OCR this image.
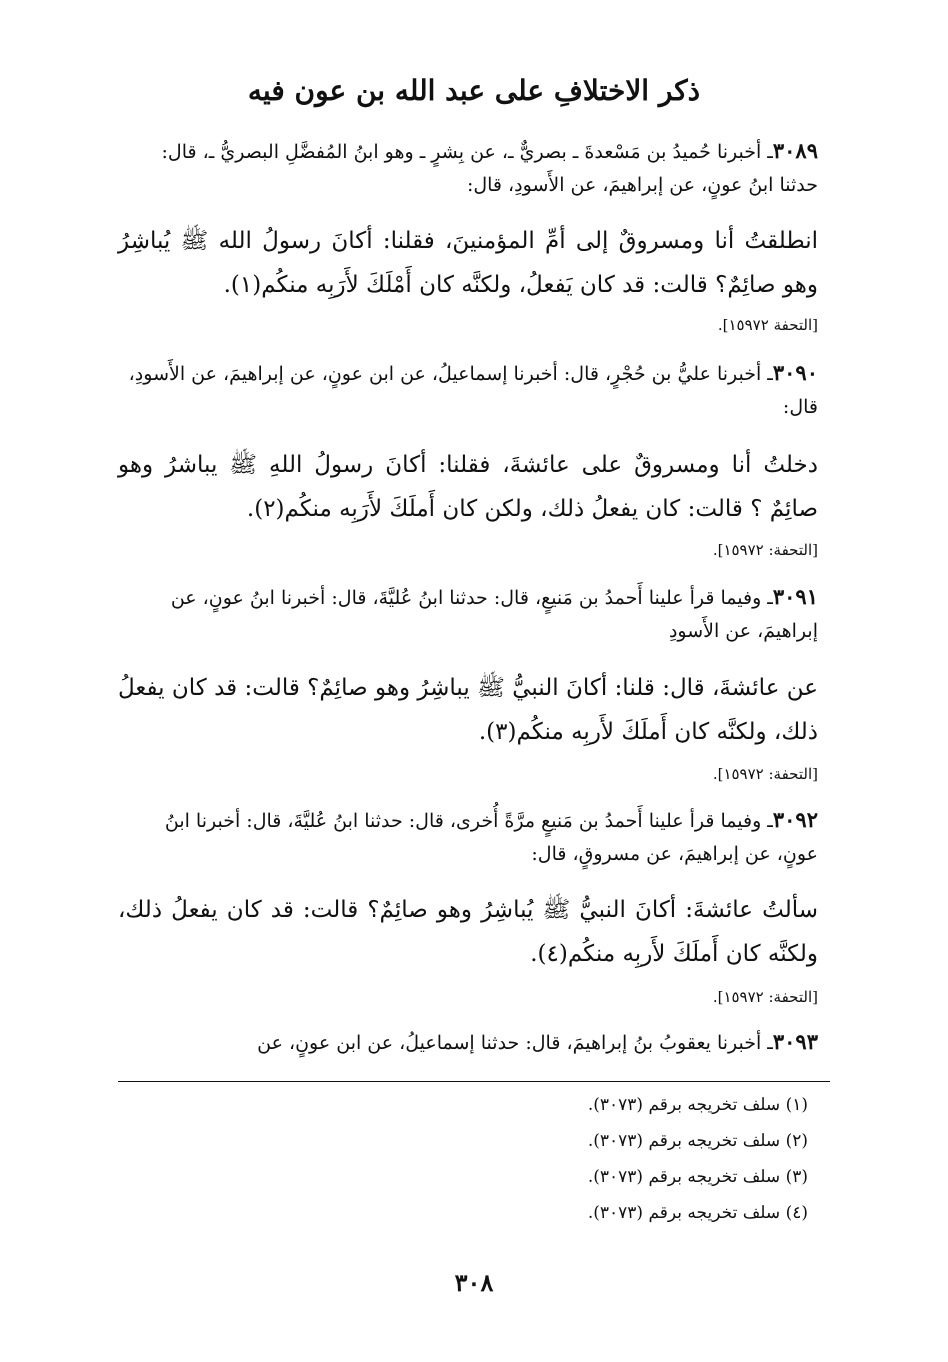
ذكر الاختلافِ على عبد الله بن عون فيه
٣٠٨٩ـ أخبرنا حُميدُ بن مَسْعدةَ ـ بصريٌّ ـ، عن بِشرٍ ـ وهو ابنُ المُفضَّلِ البصريُّ ـ، قال: حدثنا ابنُ عونٍ، عن إبراهيمَ، عن الأَسودِ، قال:
انطلقتُ أنا ومسروقٌ إلى أمِّ المؤمنينَ، فقلنا: أكانَ رسولُ الله ﷺ يُباشِرُ وهو صائِمٌ؟ قالت: قد كان يَفعلُ، ولكنَّه كان أَمْلَكَ لأَرَبِه منكُم(١).
[التحفة ١٥٩٧٢].
٣٠٩٠ـ أخبرنا عليُّ بن حُجْرٍ، قال: أخبرنا إسماعيلُ، عن ابن عونٍ، عن إبراهيمَ، عن الأَسودِ، قال:
دخلتُ أنا ومسروقٌ على عائشةَ، فقلنا: أكانَ رسولُ اللهِ ﷺ يباشرُ وهو صائِمٌ ؟ قالت: كان يفعلُ ذلك، ولكن كان أَملَكَ لأَرَبِه منكُم(٢).
[التحفة: ١٥٩٧٢].
٣٠٩١ـ وفيما قرأ علينا أَحمدُ بن مَنيعٍ، قال: حدثنا ابنُ عُليَّةَ، قال: أخبرنا ابنُ عونٍ، عن إبراهيمَ، عن الأَسودِ
عن عائشةَ، قال: قلنا: أكانَ النبيُّ ﷺ يباشِرُ وهو صائِمٌ؟ قالت: قد كان يفعلُ ذلك، ولكنَّه كان أَملَكَ لأَربِه منكُم(٣).
[التحفة: ١٥٩٧٢].
٣٠٩٢ـ وفيما قرأ علينا أَحمدُ بن مَنيعٍ مرَّةً أُخرى، قال: حدثنا ابنُ عُليَّةَ، قال: أخبرنا ابنُ عونٍ، عن إبراهيمَ، عن مسروقٍ، قال:
سألتُ عائشةَ: أكانَ النبيُّ ﷺ يُباشِرُ وهو صائِمٌ؟ قالت: قد كان يفعلُ ذلك، ولكنَّه كان أَملَكَ لأَربِه منكُم(٤).
[التحفة: ١٥٩٧٢].
٣٠٩٣ـ أخبرنا يعقوبُ بنُ إبراهيمَ، قال: حدثنا إسماعيلُ، عن ابن عونٍ، عن
(١) سلف تخريجه برقم (٣٠٧٣).
(٢) سلف تخريجه برقم (٣٠٧٣).
(٣) سلف تخريجه برقم (٣٠٧٣).
(٤) سلف تخريجه برقم (٣٠٧٣).
٣٠٨
